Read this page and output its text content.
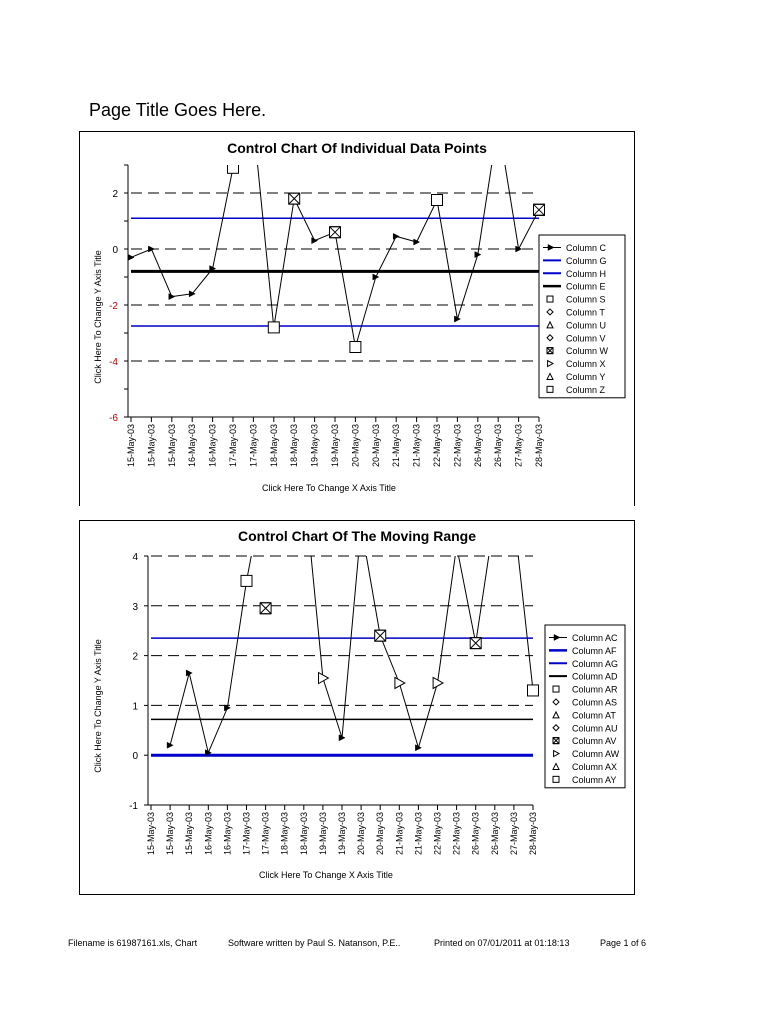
Page Title Goes Here.
Control Chart Of Individual Data Points
2
0
-2
-4
-6
15-May-03 15-May-03 15-May-03 16-May-03 16-May-03 17-May-03 17-May-03 18-May-03 18-May-03 19-May-03 19-May-03 20-May-03 20-May-03 21-May-03 21-May-03 22-May-03 22-May-03 26-May-03 26-May-03 27-May-03 28-May-03
Click Here To Change X Axis Title
Click Here To Change Y Axis Title
Column C
Column G
Column H
Column E
Column S
Column T
Column U
Column V
Column W
Column X
Column Y
Column Z
Control Chart Of The Moving Range
4
3
2
1
0
-1
15-May-03 15-May-03 15-May-03 16-May-03 16-May-03 17-May-03 17-May-03 18-May-03 18-May-03 19-May-03 19-May-03 20-May-03 20-May-03 21-May-03 21-May-03 22-May-03 22-May-03 26-May-03 26-May-03 27-May-03 28-May-03
Click Here To Change X Axis Title
Click Here To Change Y Axis Title
Column AC
Column AF
Column AG
Column AD
Column AR
Column AS
Column AT
Column AU
Column AV
Column AW
Column AX
Column AY
Filename is 61987161.xls, Chart	Software written by Paul S. Natanson, P.E..	Printed on 07/01/2011 at 01:18:13	Page 1 of 6
